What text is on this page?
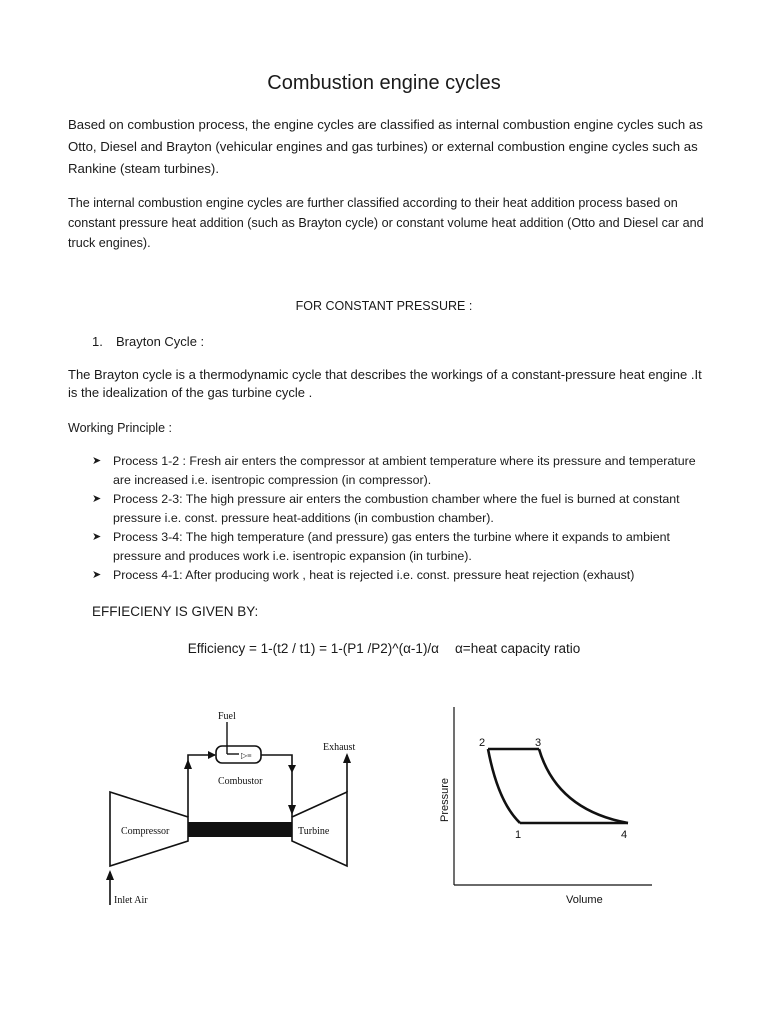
Combustion engine cycles
Based on combustion process, the engine cycles are classified as internal combustion engine cycles such as Otto, Diesel and Brayton (vehicular engines and gas turbines) or external combustion engine cycles such as Rankine (steam turbines).
The internal combustion engine cycles are further classified according to their heat addition process based on constant pressure heat addition (such as Brayton cycle) or constant volume heat addition (Otto and Diesel car and truck engines).
FOR CONSTANT PRESSURE :
1. Brayton Cycle :
The Brayton cycle is a thermodynamic cycle that describes the workings of a constant-pressure heat engine .It is the idealization of the gas turbine cycle .
Working Principle :
➤ Process 1-2 : Fresh air enters the compressor at ambient temperature where its pressure and temperature are increased i.e. isentropic compression (in compressor).
➤ Process 2-3: The high pressure air enters the combustion chamber where the fuel is burned at constant pressure i.e. const. pressure heat-additions (in combustion chamber).
➤ Process 3-4: The high temperature (and pressure) gas enters the turbine where it expands to ambient pressure and produces work i.e. isentropic expansion (in turbine).
➤ Process 4-1: After producing work , heat is rejected i.e. const. pressure heat rejection (exhaust)
EFFIECIENY IS GIVEN BY:
Efficiency = 1-(t2 / t1) = 1-(P1 /P2)^(α-1)/α α=heat capacity ratio
▷≡
Fuel
Combustor
Exhaust
Compressor	Turbine
Inlet Air
2	3
1	4
Pressure
Volume
